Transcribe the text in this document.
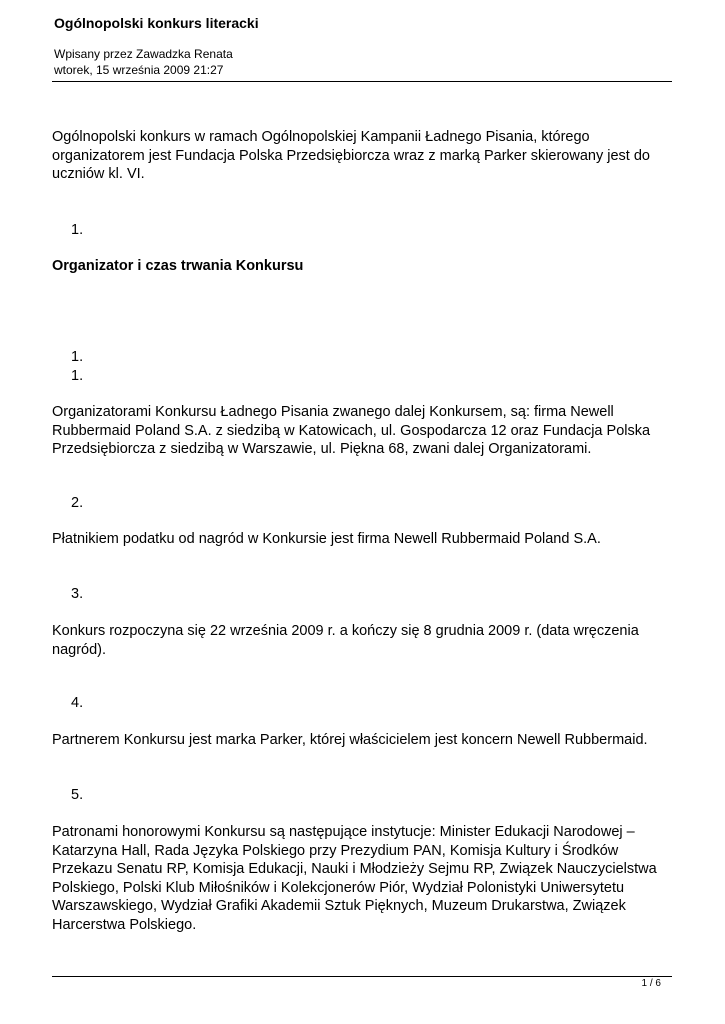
Ogólnopolski konkurs literacki
Wpisany przez Zawadzka Renata
wtorek, 15 września 2009 21:27
Ogólnopolski konkurs w ramach Ogólnopolskiej Kampanii Ładnego Pisania, którego organizatorem jest Fundacja Polska Przedsiębiorcza wraz z marką Parker skierowany jest do uczniów kl. VI.
1.
Organizator i czas trwania Konkursu
1.
1.
Organizatorami Konkursu Ładnego Pisania zwanego dalej Konkursem, są: firma Newell Rubbermaid Poland S.A. z siedzibą w Katowicach, ul. Gospodarcza 12 oraz Fundacja Polska Przedsiębiorcza z siedzibą w Warszawie, ul. Piękna 68, zwani dalej Organizatorami.
2.
Płatnikiem podatku od nagród w Konkursie jest firma Newell Rubbermaid Poland S.A.
3.
Konkurs rozpoczyna się 22 września 2009 r. a kończy się 8 grudnia 2009 r. (data wręczenia nagród).
4.
Partnerem Konkursu jest marka Parker, której właścicielem jest koncern Newell Rubbermaid.
5.
Patronami honorowymi Konkursu są następujące instytucje: Minister Edukacji Narodowej – Katarzyna Hall, Rada Języka Polskiego przy Prezydium PAN, Komisja Kultury i Środków Przekazu Senatu RP, Komisja Edukacji, Nauki i Młodzieży Sejmu RP, Związek Nauczycielstwa Polskiego, Polski Klub Miłośników i Kolekcjonerów Piór, Wydział Polonistyki Uniwersytetu Warszawskiego, Wydział Grafiki Akademii Sztuk Pięknych, Muzeum Drukarstwa, Związek Harcerstwa Polskiego.
1 / 6
